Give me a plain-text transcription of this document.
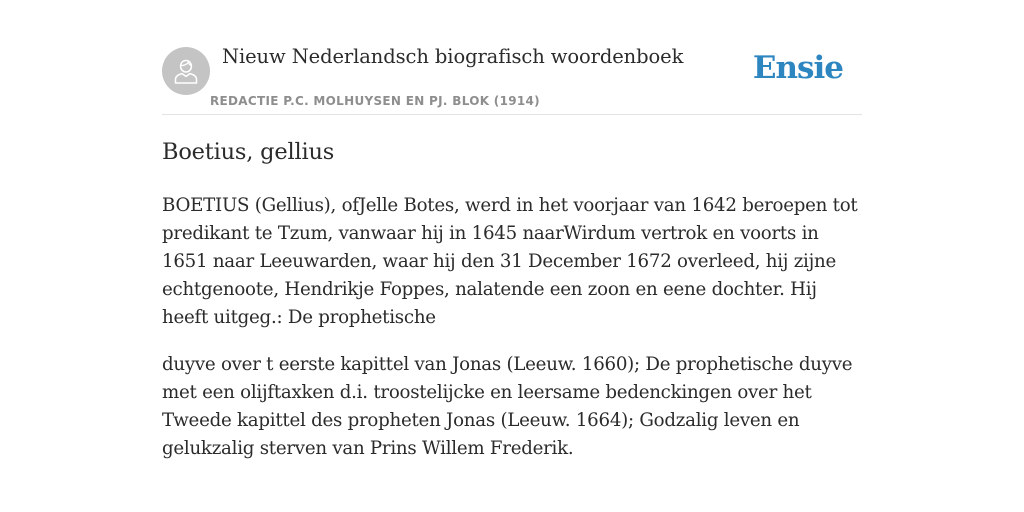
Nieuw Nederlandsch biografisch woordenboek
REDACTIE P.C. MOLHUYSEN EN PJ. BLOK (1914)
Ensie
Boetius, gellius

BOETIUS (Gellius), ofJelle Botes, werd in het voorjaar van 1642 beroepen tot predikant te Tzum, vanwaar hij in 1645 naarWirdum vertrok en voorts in 1651 naar Leeuwarden, waar hij den 31 December 1672 overleed, hij zijne echtgenoote, Hendrikje Foppes, nalatende een zoon en eene dochter. Hij heeft uitgeg.: De prophetische

duyve over t eerste kapittel van Jonas (Leeuw. 1660); De prophetische duyve met een olijftaxken d.i. troostelijcke en leersame bedenckingen over het Tweede kapittel des propheten Jonas (Leeuw. 1664); Godzalig leven en gelukzalig sterven van Prins Willem Frederik.
